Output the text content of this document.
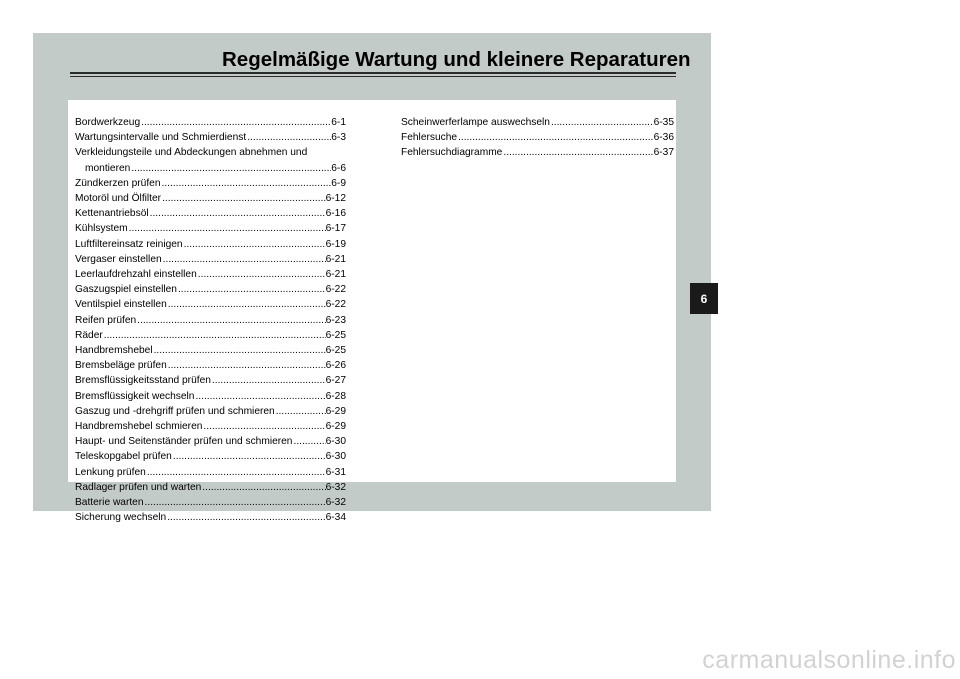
Regelmäßige Wartung und kleinere Reparaturen
Bordwerkzeug .....	6-1
Wartungsintervalle und Schmierdienst .....	6-3
Verkleidungsteile und Abdeckungen abnehmen und
montieren .....	6-6
Zündkerzen prüfen .....	6-9
Motoröl und Ölfilter .....	6-12
Kettenantriebsöl .....	6-16
Kühlsystem .....	6-17
Luftfiltereinsatz reinigen .....	6-19
Vergaser einstellen .....	6-21
Leerlaufdrehzahl einstellen .....	6-21
Gaszugspiel einstellen .....	6-22
Ventilspiel einstellen .....	6-22
Reifen prüfen .....	6-23
Räder .....	6-25
Handbremshebel .....	6-25
Bremsbeläge prüfen .....	6-26
Bremsflüssigkeitsstand prüfen .....	6-27
Bremsflüssigkeit wechseln .....	6-28
Gaszug und -drehgriff prüfen und schmieren .....	6-29
Handbremshebel schmieren .....	6-29
Haupt- und Seitenständer prüfen und schmieren .....	6-30
Teleskopgabel prüfen .....	6-30
Lenkung prüfen .....	6-31
Radlager prüfen und warten .....	6-32
Batterie warten .....	6-32
Sicherung wechseln .....	6-34
Scheinwerferlampe auswechseln .....	6-35
Fehlersuche .....	6-36
Fehlersuchdiagramme .....	6-37
6
carmanualsonline.info
